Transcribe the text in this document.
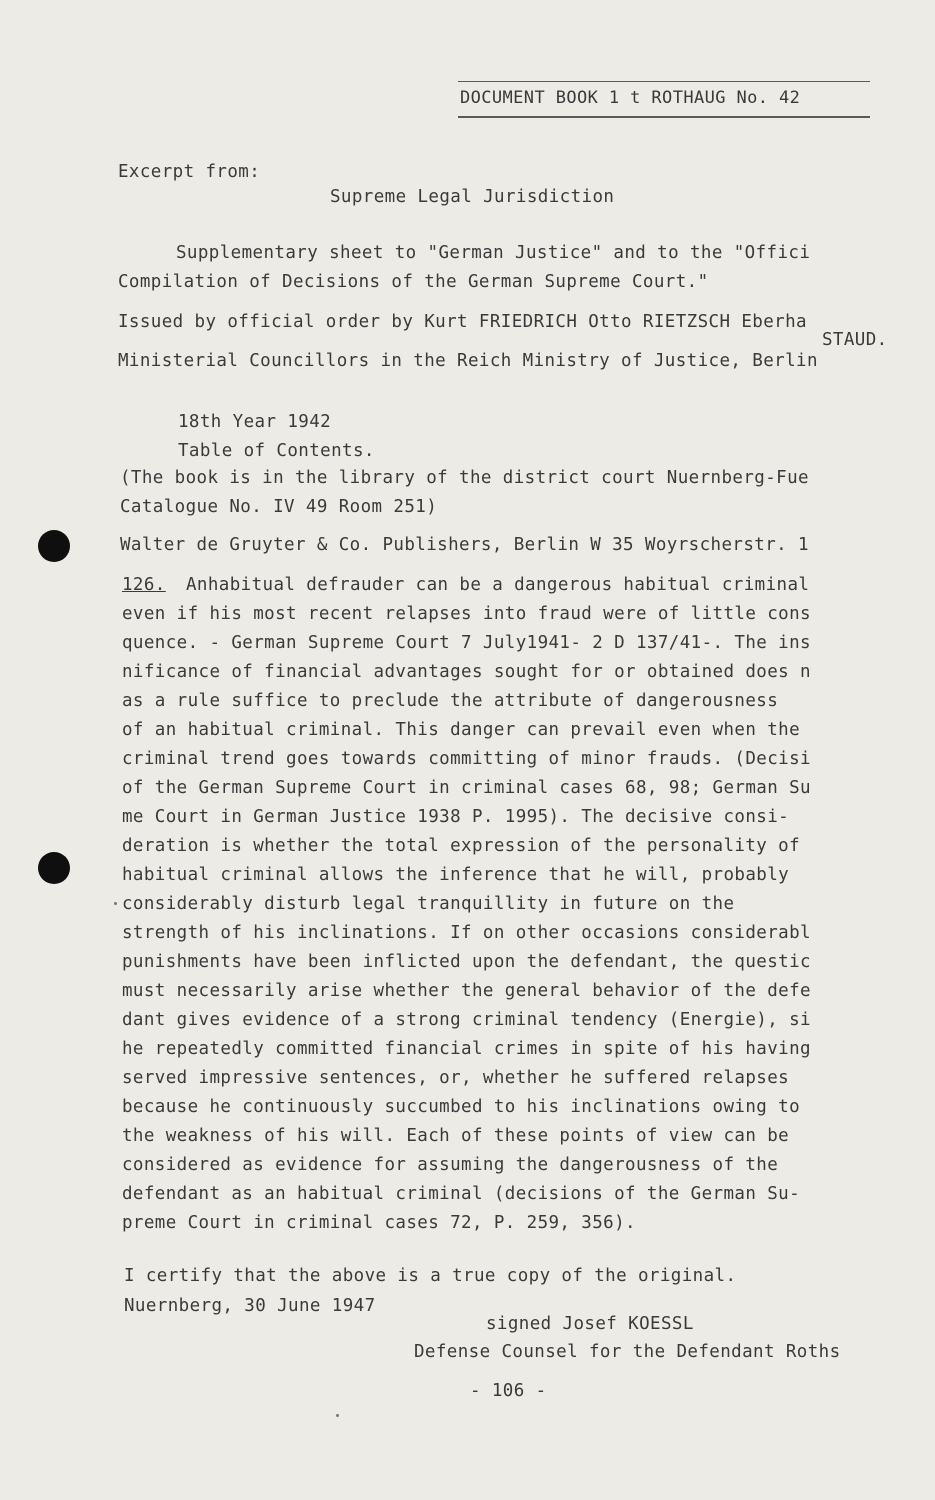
DOCUMENT BOOK 1 t ROTHAUG No. 42
Excerpt from:
Supreme Legal Jurisdiction
Supplementary sheet to "German Justice" and to the "Offici
Compilation of Decisions of the German Supreme Court."
Issued by official order by Kurt FRIEDRICH Otto RIETZSCH Eberha
STAUD.
Ministerial Councillors in the Reich Ministry of Justice, Berlin
18th Year 1942
Table of Contents.
(The book is in the library of the district court Nuernberg-Fue
Catalogue No. IV 49 Room 251)
Walter de Gruyter & Co. Publishers, Berlin W 35 Woyrscherstr. 1
126. Anhabitual defrauder can be a dangerous habitual criminal
even if his most recent relapses into fraud were of little cons
quence. - German Supreme Court 7 July1941- 2 D 137/41-. The ins
nificance of financial advantages sought for or obtained does n
as a rule suffice to preclude the attribute of dangerousness
of an habitual criminal. This danger can prevail even when the
criminal trend goes towards committing of minor frauds. (Decisi
of the German Supreme Court in criminal cases 68, 98; German Su
me Court in German Justice 1938 P. 1995). The decisive consi-
deration is whether the total expression of the personality of
habitual criminal allows the inference that he will, probably
considerably disturb legal tranquillity in future on the
strength of his inclinations. If on other occasions considerabl
punishments have been inflicted upon the defendant, the questic
must necessarily arise whether the general behavior of the defe
dant gives evidence of a strong criminal tendency (Energie), si
he repeatedly committed financial crimes in spite of his having
served impressive sentences, or, whether he suffered relapses
because he continuously succumbed to his inclinations owing to
the weakness of his will. Each of these points of view can be
considered as evidence for assuming the dangerousness of the
defendant as an habitual criminal (decisions of the German Su-
preme Court in criminal cases 72, P. 259, 356).
I certify that the above is a true copy of the original.
Nuernberg, 30 June 1947
signed Josef KOESSL
Defense Counsel for the Defendant Roths
- 106 -
